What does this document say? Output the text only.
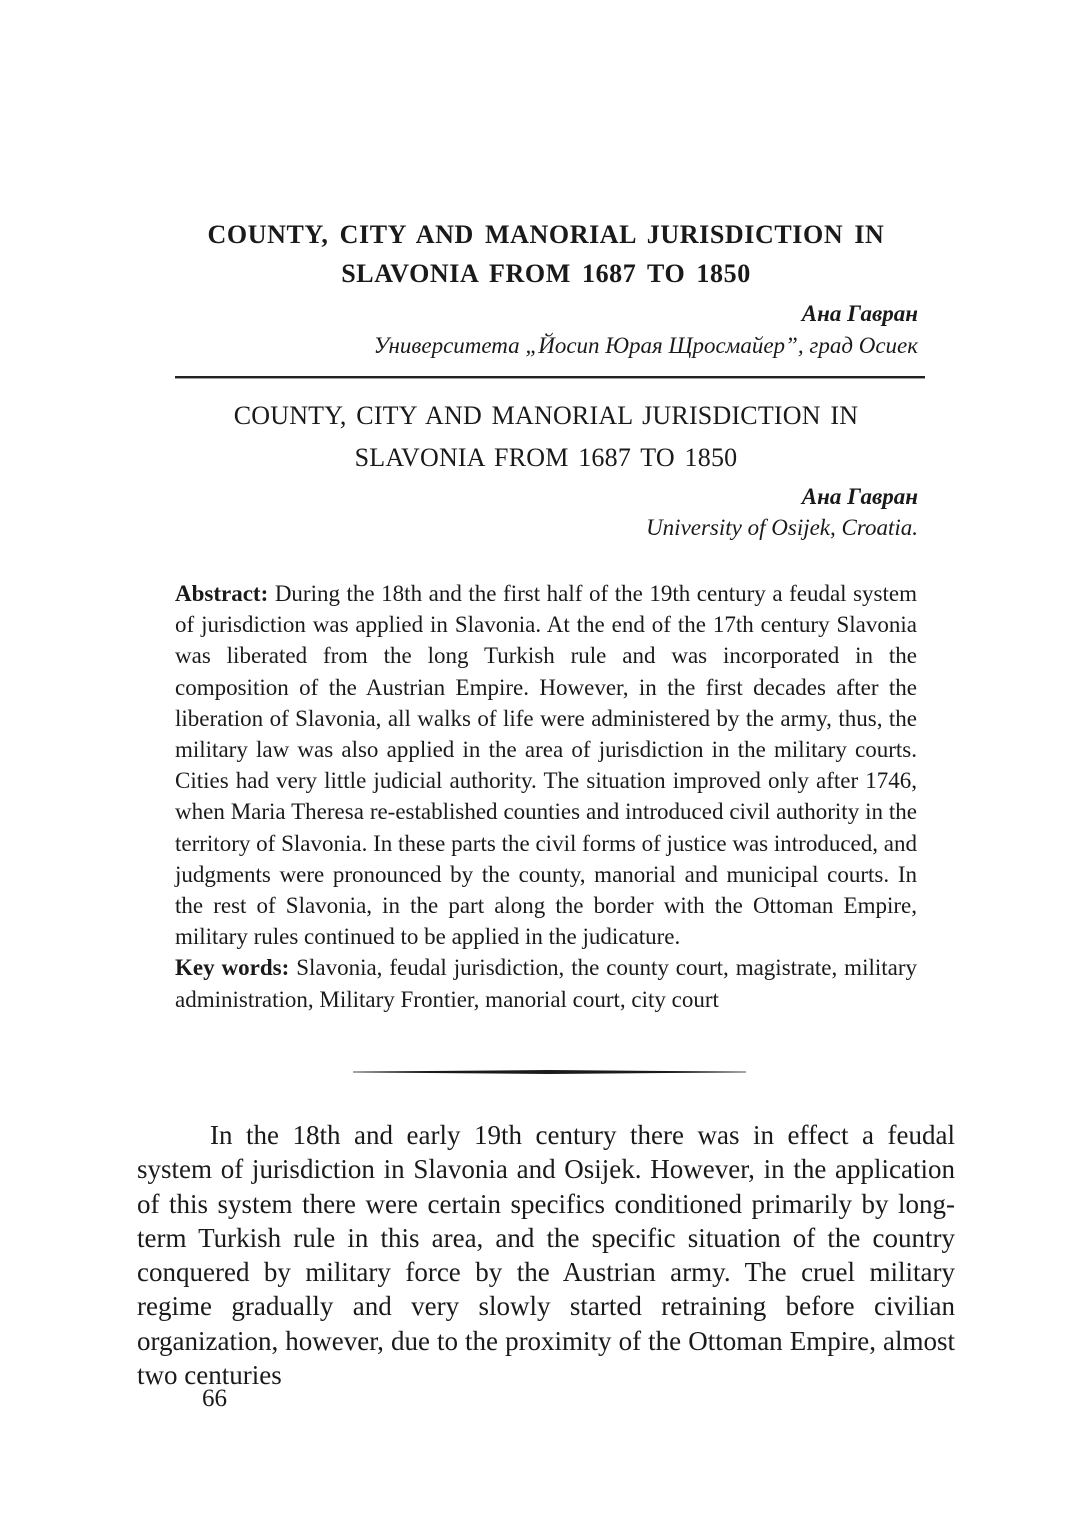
COUNTY, CITY AND MANORIAL JURISDICTION IN
SLAVONIA FROM 1687 TO 1850
Ана Гавран
Университета „Йосип Юрая Щросмайер”, град Осиек
COUNTY, CITY AND MANORIAL JURISDICTION IN
SLAVONIA FROM 1687 TO 1850
Ана Гавран
University of Osijek, Croatia.

Abstract: During the 18th and the first half of the 19th century a feudal system of jurisdiction was applied in Slavonia. At the end of the 17th century Slavonia was liberated from the long Turkish rule and was incorporated in the composition of the Austrian Empire. However, in the first decades after the liberation of Slavonia, all walks of life were administered by the army, thus, the military law was also applied in the area of jurisdiction in the military courts. Cities had very little judicial authority. The situation improved only after 1746, when Maria Theresa re-established counties and introduced civil authority in the territory of Slavonia. In these parts the civil forms of justice was introduced, and judgments were pronounced by the county, manorial and municipal courts. In the rest of Slavonia, in the part along the border with the Ottoman Empire, military rules continued to be applied in the judicature.

Key words: Slavonia, feudal jurisdiction, the county court, magistrate, military administration, Military Frontier, manorial court, city court

In the 18th and early 19th century there was in effect a feudal system of jurisdiction in Slavonia and Osijek. However, in the application of this system there were certain specifics conditioned primarily by long-term Turkish rule in this area, and the specific situation of the country conquered by military force by the Austrian army. The cruel military regime gradually and very slowly started retraining before civilian organization, however, due to the proximity of the Ottoman Empire, almost two centuries

66
